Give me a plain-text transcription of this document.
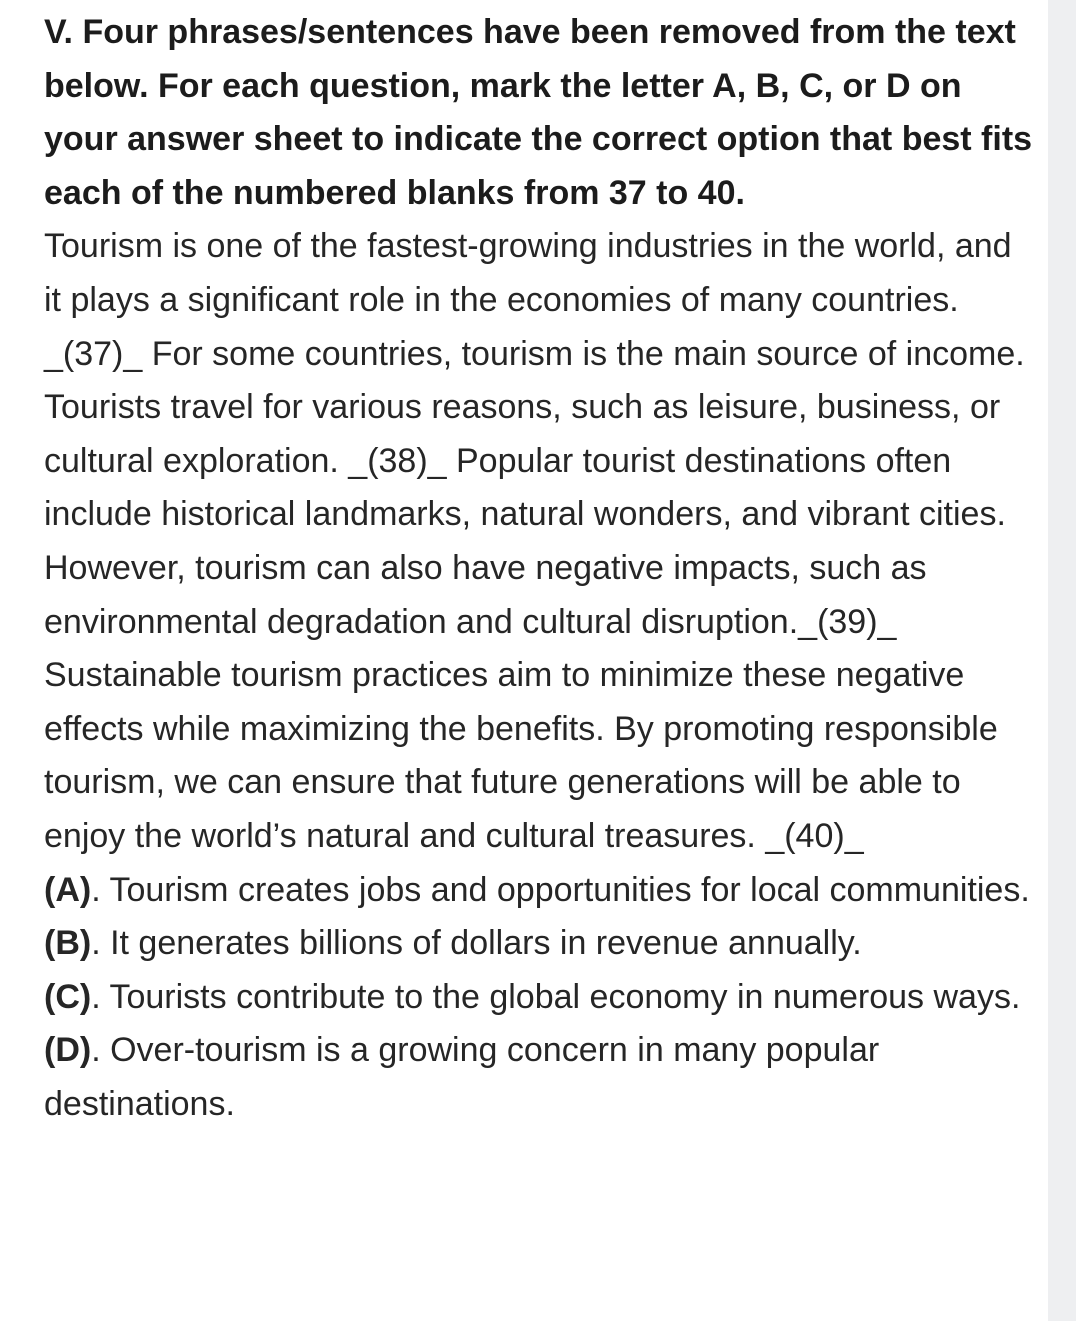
V. Four phrases/sentences have been removed from the text below. For each question, mark the letter A, B, C, or D on your answer sheet to indicate the correct option that best fits each of the numbered blanks from 37 to 40.

Tourism is one of the fastest-growing industries in the world, and it plays a significant role in the economies of many countries. _(37)_ For some countries, tourism is the main source of income. Tourists travel for various reasons, such as leisure, business, or cultural exploration. _(38)_ Popular tourist destinations often include historical landmarks, natural wonders, and vibrant cities. However, tourism can also have negative impacts, such as environmental degradation and cultural disruption._(39)_ Sustainable tourism practices aim to minimize these negative effects while maximizing the benefits. By promoting responsible tourism, we can ensure that future generations will be able to enjoy the world’s natural and cultural treasures. _(40)_

(A). Tourism creates jobs and opportunities for local communities.

(B). It generates billions of dollars in revenue annually.

(C). Tourists contribute to the global economy in numerous ways.

(D). Over-tourism is a growing concern in many popular destinations.
